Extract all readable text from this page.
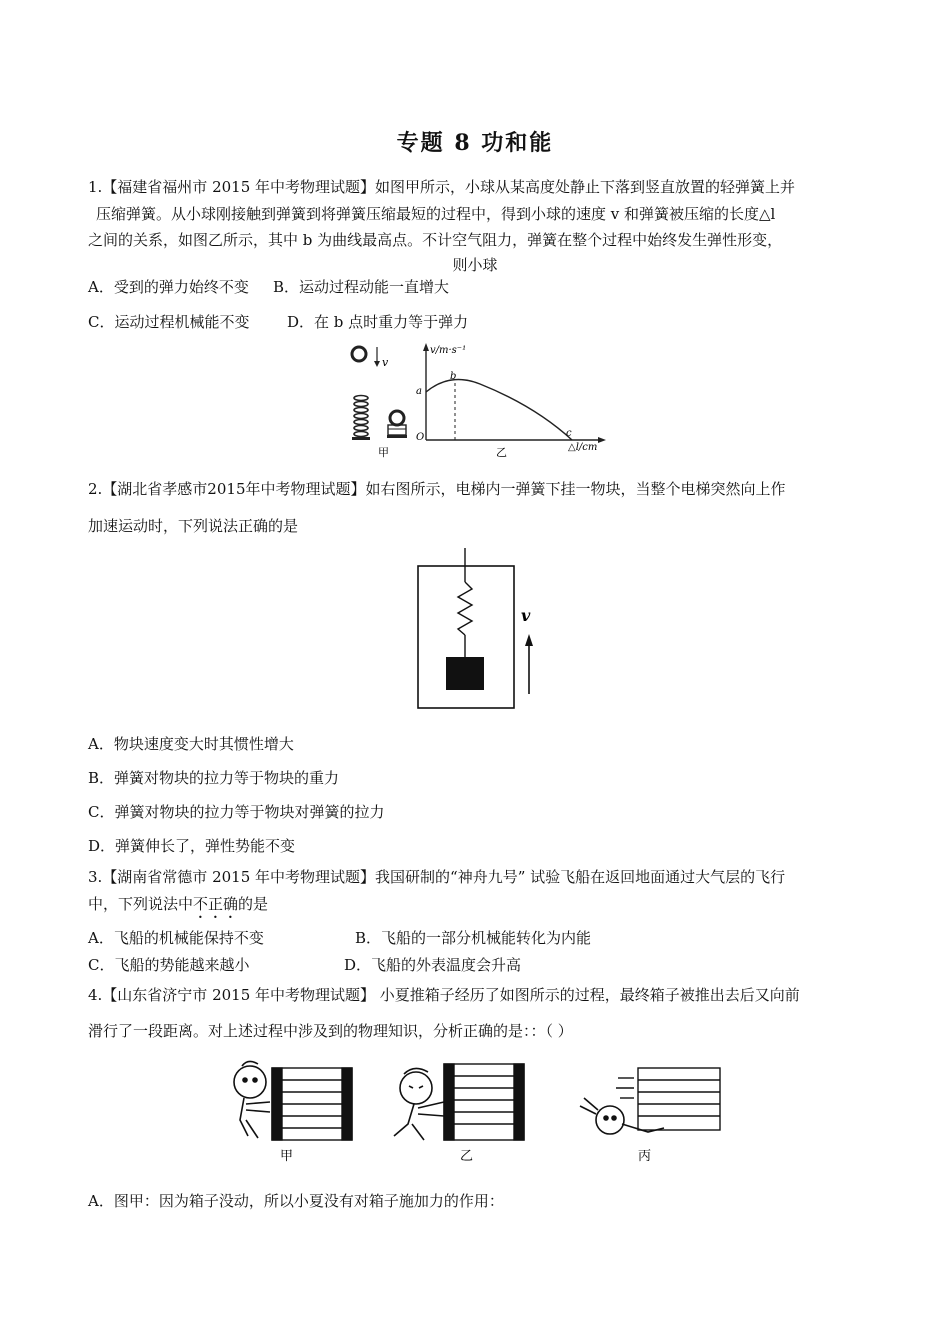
专题 8 功和能
1.【福建省福州市 2015 年中考物理试题】如图甲所示，小球从某高度处静止下落到竖直放置的轻弹簧上并
压缩弹簧。从小球刚接触到弹簧到将弹簧压缩最短的过程中，得到小球的速度 v 和弹簧被压缩的长度△l
之间的关系，如图乙所示，其中 b 为曲线最高点。不计空气阻力，弹簧在整个过程中始终发生弹性形变，
则小球
A．受到的弹力始终不变 B．运动过程动能一直增大
C．运动过程机械能不变	D．在 b 点时重力等于弹力
v
甲
v/m·s⁻¹
△l/cm
O
a
b
c
乙
2.【湖北省孝感市2015年中考物理试题】如右图所示，电梯内一弹簧下挂一物块，当整个电梯突然向上作
加速运动时，下列说法正确的是
v
A．物块速度变大时其惯性增大
B．弹簧对物块的拉力等于物块的重力
C．弹簧对物块的拉力等于物块对弹簧的拉力
D．弹簧伸长了，弹性势能不变
3.【湖南省常德市 2015 年中考物理试题】我国研制的“神舟九号” 试验飞船在返回地面通过大气层的飞行
中，下列说法中不正确的是
A．飞船的机械能保持不变	B．飞船的一部分机械能转化为内能
C．飞船的势能越来越小	D．飞船的外表温度会升高
4.【山东省济宁市 2015 年中考物理试题】 小夏推箱子经历了如图所示的过程，最终箱子被推出去后又向前
滑行了一段距离。对上述过程中涉及到的物理知识，分析正确的是：：（ ）
甲	乙	丙
A．图甲：因为箱子没动，所以小夏没有对箱子施加力的作用：
